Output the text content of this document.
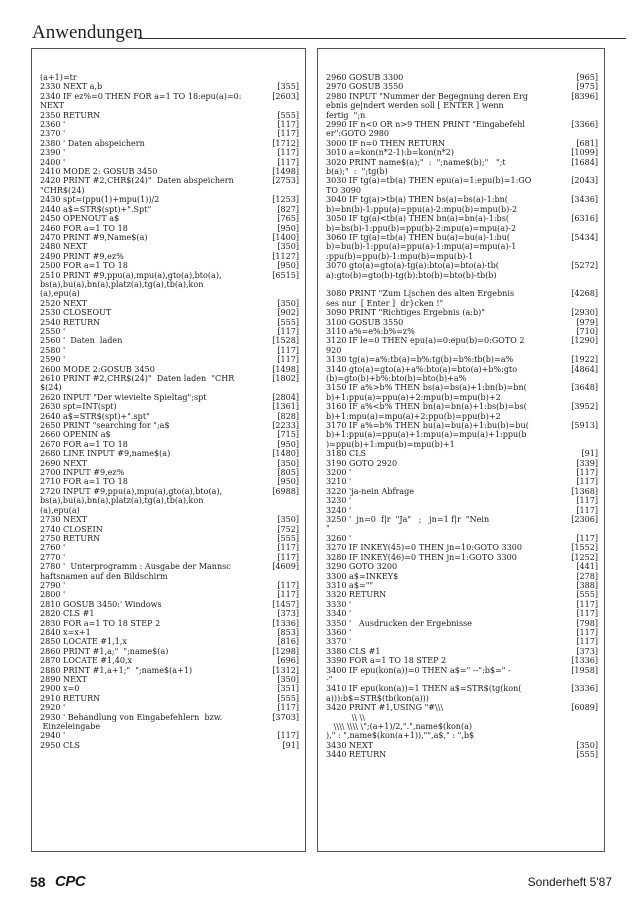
Anwendungen
(a+1)=tr
2330 NEXT a,b	[355]
2340 IF ez%=0 THEN FOR a=1 TO 18:epu(a)=0:	[2603]
NEXT
2350 RETURN	[555]
2360 '	[117]
2370 '	[117]
2380 ' Daten abspeichern	[1712]
2390 '	[117]
2400 '	[117]
2410 MODE 2: GOSUB 3450	[1498]
2420 PRINT #2,CHR$(24)"  Daten abspeichern	[2753]
"CHR$(24)
2430 spt=(ppu(1)+mpu(1))/2	[1253]
2440 a$=STR$(spt)+".Spt"	[827]
2450 OPENOUT a$	[765]
2460 FOR a=1 TO 18	[950]
2470 PRINT #9,Name$(a)	[1400]
2480 NEXT	[350]
2490 PRINT #9,ez%	[1127]
2500 FOR a=1 TO 18	[950]
2510 PRINT #9,ppu(a),mpu(a),gto(a),bto(a),	[6515]
bs(a),bu(a),bn(a),platz(a),tg(a),tb(a),kon
(a),epu(a)
2520 NEXT	[350]
2530 CLOSEOUT	[902]
2540 RETURN	[555]
2550 '	[117]
2560 '  Daten  laden	[1528]
2580 '	[117]
2590 '	[117]
2600 MODE 2:GOSUB 3450	[1498]
2610 PRINT #2,CHR$(24)"  Daten laden  "CHR	[1802]
$(24)
2620 INPUT "Der wievielte Spieltag";spt	[2804]
2630 spt=INT(spt)	[1361]
2640 a$=STR$(spt)+".spt"	[828]
2650 PRINT "searching for ";a$	[2233]
2660 OPENIN a$	[715]
2670 FOR a=1 TO 18	[950]
2680 LINE INPUT #9,name$(a)	[1480]
2690 NEXT	[350]
2700 INPUT #9,ez%	[805]
2710 FOR a=1 TO 18	[950]
2720 INPUT #9,ppu(a),mpu(a),gto(a),bto(a),	[6988]
bs(a),bu(a),bn(a),platz(a),tg(a),tb(a),kon
(a),epu(a)
2730 NEXT	[350]
2740 CLOSEIN	[752]
2750 RETURN	[555]
2760 '	[117]
2770 '	[117]
2780 '  Unterprogramm : Ausgabe der Mannsc	[4609]
haftsnamen auf den Bildschirm
2790 '	[117]
2800 '	[117]
2810 GOSUB 3450:' Windows	[1457]
2820 CLS #1	[373]
2830 FOR a=1 TO 18 STEP 2	[1336]
2840 x=x+1	[853]
2850 LOCATE #1,1,x	[816]
2860 PRINT #1,a;"  ";name$(a)	[1298]
2870 LOCATE #1,40,x	[696]
2880 PRINT #1,a+1;"  ";name$(a+1)	[1312]
2890 NEXT	[350]
2900 x=0	[351]
2910 RETURN	[555]
2920 '	[117]
2930 ' Behandlung von Eingabefehlern  bzw.	[3703]
Einzeleingabe
2940 '	[117]
2950 CLS	[91]
2960 GOSUB 3300	[965]
2970 GOSUB 3550	[975]
2980 INPUT "Nummer der Begegnung deren Erg	[8396]
ebnis ge|ndert werden soll [ ENTER ] wenn
fertig  ";n
2990 IF n<0 OR n>9 THEN PRINT "Eingabefehl	[3366]
er":GOTO 2980
3000 IF n=0 THEN RETURN	[681]
3010 a=kon(n*2-1):b=kon(n*2)	[1099]
3020 PRINT name$(a);"  :  ";name$(b);"   ";t	[1684]
b(a);"  :  ";tg(b)
3030 IF tg(a)=tb(a) THEN epu(a)=1:epu(b)=1:GO	[2043]
TO 3090
3040 IF tg(a)>tb(a) THEN bs(a)=bs(a)-1:bn(	[3436]
b)=bn(b)-1:ppu(a)=ppu(a)-2:mpu(b)=mpu(b)-2
3050 IF tg(a)<tb(a) THEN bn(a)=bn(a)-1:bs(	[6316]
b)=bs(b)-1:ppu(b)=ppu(b)-2:mpu(a)=mpu(a)-2
3060 IF tg(a)=tb(a) THEN bu(a)=bu(a)-1:bu(	[5434]
b)=bu(b)-1:ppu(a)=ppu(a)-1:mpu(a)=mpu(a)-1
:ppu(b)=ppu(b)-1:mpu(b)=mpu(b)-1
3070 gto(a)=gto(a)-tg(a):bto(a)=bto(a)-tb(	[5272]
a):gto(b)=gto(b)-tg(b):bto(b)=bto(b)-tb(b)
3080 PRINT "Zum L|schen des alten Ergebnis	[4268]
ses nur  [ Enter ]  dr}cken !"
3090 PRINT "Richtiges Ergebnis (a:b)"	[2930]
3100 GOSUB 3550	[979]
3110 a%=e%:b%=z%	[710]
3120 IF le=0 THEN epu(a)=0:epu(b)=0:GOTO 2	[1290]
920
3130 tg(a)=a%:tb(a)=b%:tg(b)=b%:tb(b)=a%	[1922]
3140 gto(a)=gto(a)+a%:bto(a)=bto(a)+b%:gto	[4864]
(b)=gto(b)+b%:bto(b)=bto(b)+a%
3150 IF a%>b% THEN bs(a)=bs(a)+1:bn(b)=bn(	[3648]
b)+1:ppu(a)=ppu(a)+2:mpu(b)=mpu(b)+2
3160 IF a%<b% THEN bn(a)=bn(a)+1:bs(b)=bs(	[3952]
b)+1:mpu(a)=mpu(a)+2:ppu(b)=ppu(b)+2
3170 IF a%=b% THEN bu(a)=bu(a)+1:bu(b)=bu(	[5913]
b)+1:ppu(a)=ppu(a)+1:mpu(a)=mpu(a)+1:ppu(b
)=ppu(b)+1:mpu(b)=mpu(b)+1
3180 CLS	[91]
3190 GOTO 2920	[339]
3200 '	[117]
3210 '	[117]
3220 'ja-nein Abfrage	[1368]
3230 '	[117]
3240 '	[117]
3250 '  jn=0  f|r  "Ja"   ;   jn=1 f|r  "Nein	[2306]
"
3260 '	[117]
3270 IF INKEY(45)=0 THEN jn=10:GOTO 3300	[1552]
3280 IF INKEY(46)=0 THEN jn=1:GOTO 3300	[1252]
3290 GOTO 3200	[441]
3300 a$=INKEY$	[278]
3310 a$=""	[388]
3320 RETURN	[555]
3330 '	[117]
3340 '	[117]
3350 '   Ausdrucken der Ergebnisse	[798]
3360 '	[117]
3370 '	[117]
3380 CLS #1	[373]
3390 FOR a=1 TO 18 STEP 2	[1336]
3400 IF epu(kon(a))=0 THEN a$=" --":b$=" -	[1958]
-"
3410 IF epu(kon(a))=1 THEN a$=STR$(tg(kon(	[3336]
a))):b$=STR$(tb(kon(a)))
3420 PRINT #1,USING "#\\\	[6089]
\\ \\
\\\\ \\\\ \";(a+1)/2,".",name$(kon(a)
)," : ",name$(kon(a+1)),"",a$," : ",b$
3430 NEXT	[350]
3440 RETURN	[555]
58 CPC	Sonderheft 5'87
